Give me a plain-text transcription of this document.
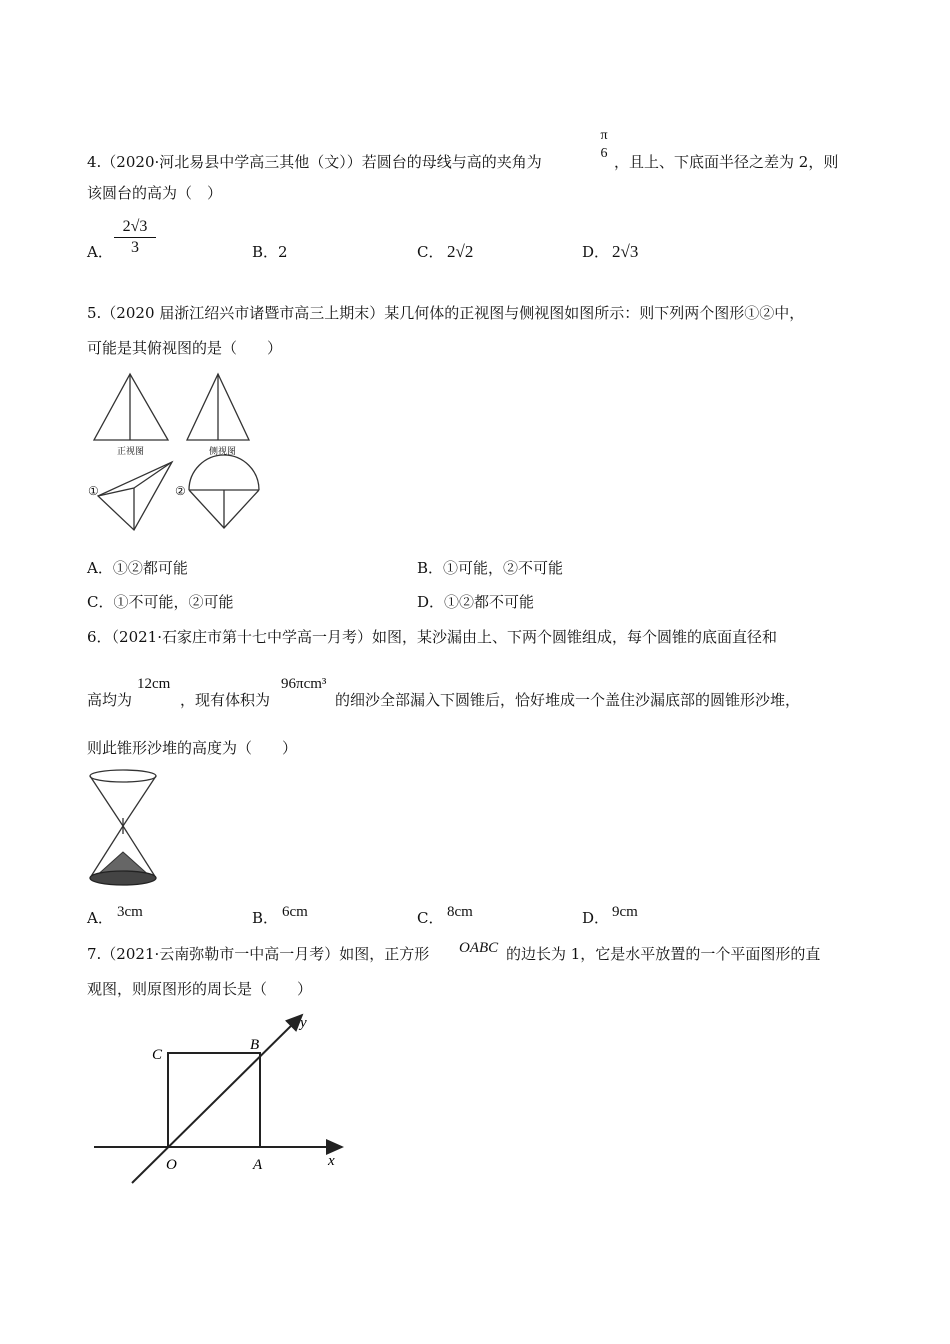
4.（2020·河北易县中学高三其他（文））若圆台的母线与高的夹角为
π
6 ，且上、下底面半径之差为 2，则
该圆台的高为（　）
A．
2√3
3	B．2	C． 2√2	D． 2√3
5.（2020 届浙江绍兴市诸暨市高三上期末）某几何体的正视图与侧视图如图所示：则下列两个图形①②中，
可能是其俯视图的是（　　）
正视图	侧视图
①	②
A．①②都可能	B．①可能，②不可能
C．①不可能，②可能	D．①②都不可能
6．（2021·石家庄市第十七中学高一月考）如图，某沙漏由上、下两个圆锥组成，每个圆锥的底面直径和
高均为
12cm
，现有体积为
96πcm³
的细沙全部漏入下圆锥后，恰好堆成一个盖住沙漏底部的圆锥形沙堆，
则此锥形沙堆的高度为（　　）
A． 3cm	B． 6cm	C． 8cm	D． 9cm
7.（2021·云南弥勒市一中高一月考）如图，正方形 OABC 的边长为 1，它是水平放置的一个平面图形的直
观图，则原图形的周长是（　　）
y
x
B
C
O	A
